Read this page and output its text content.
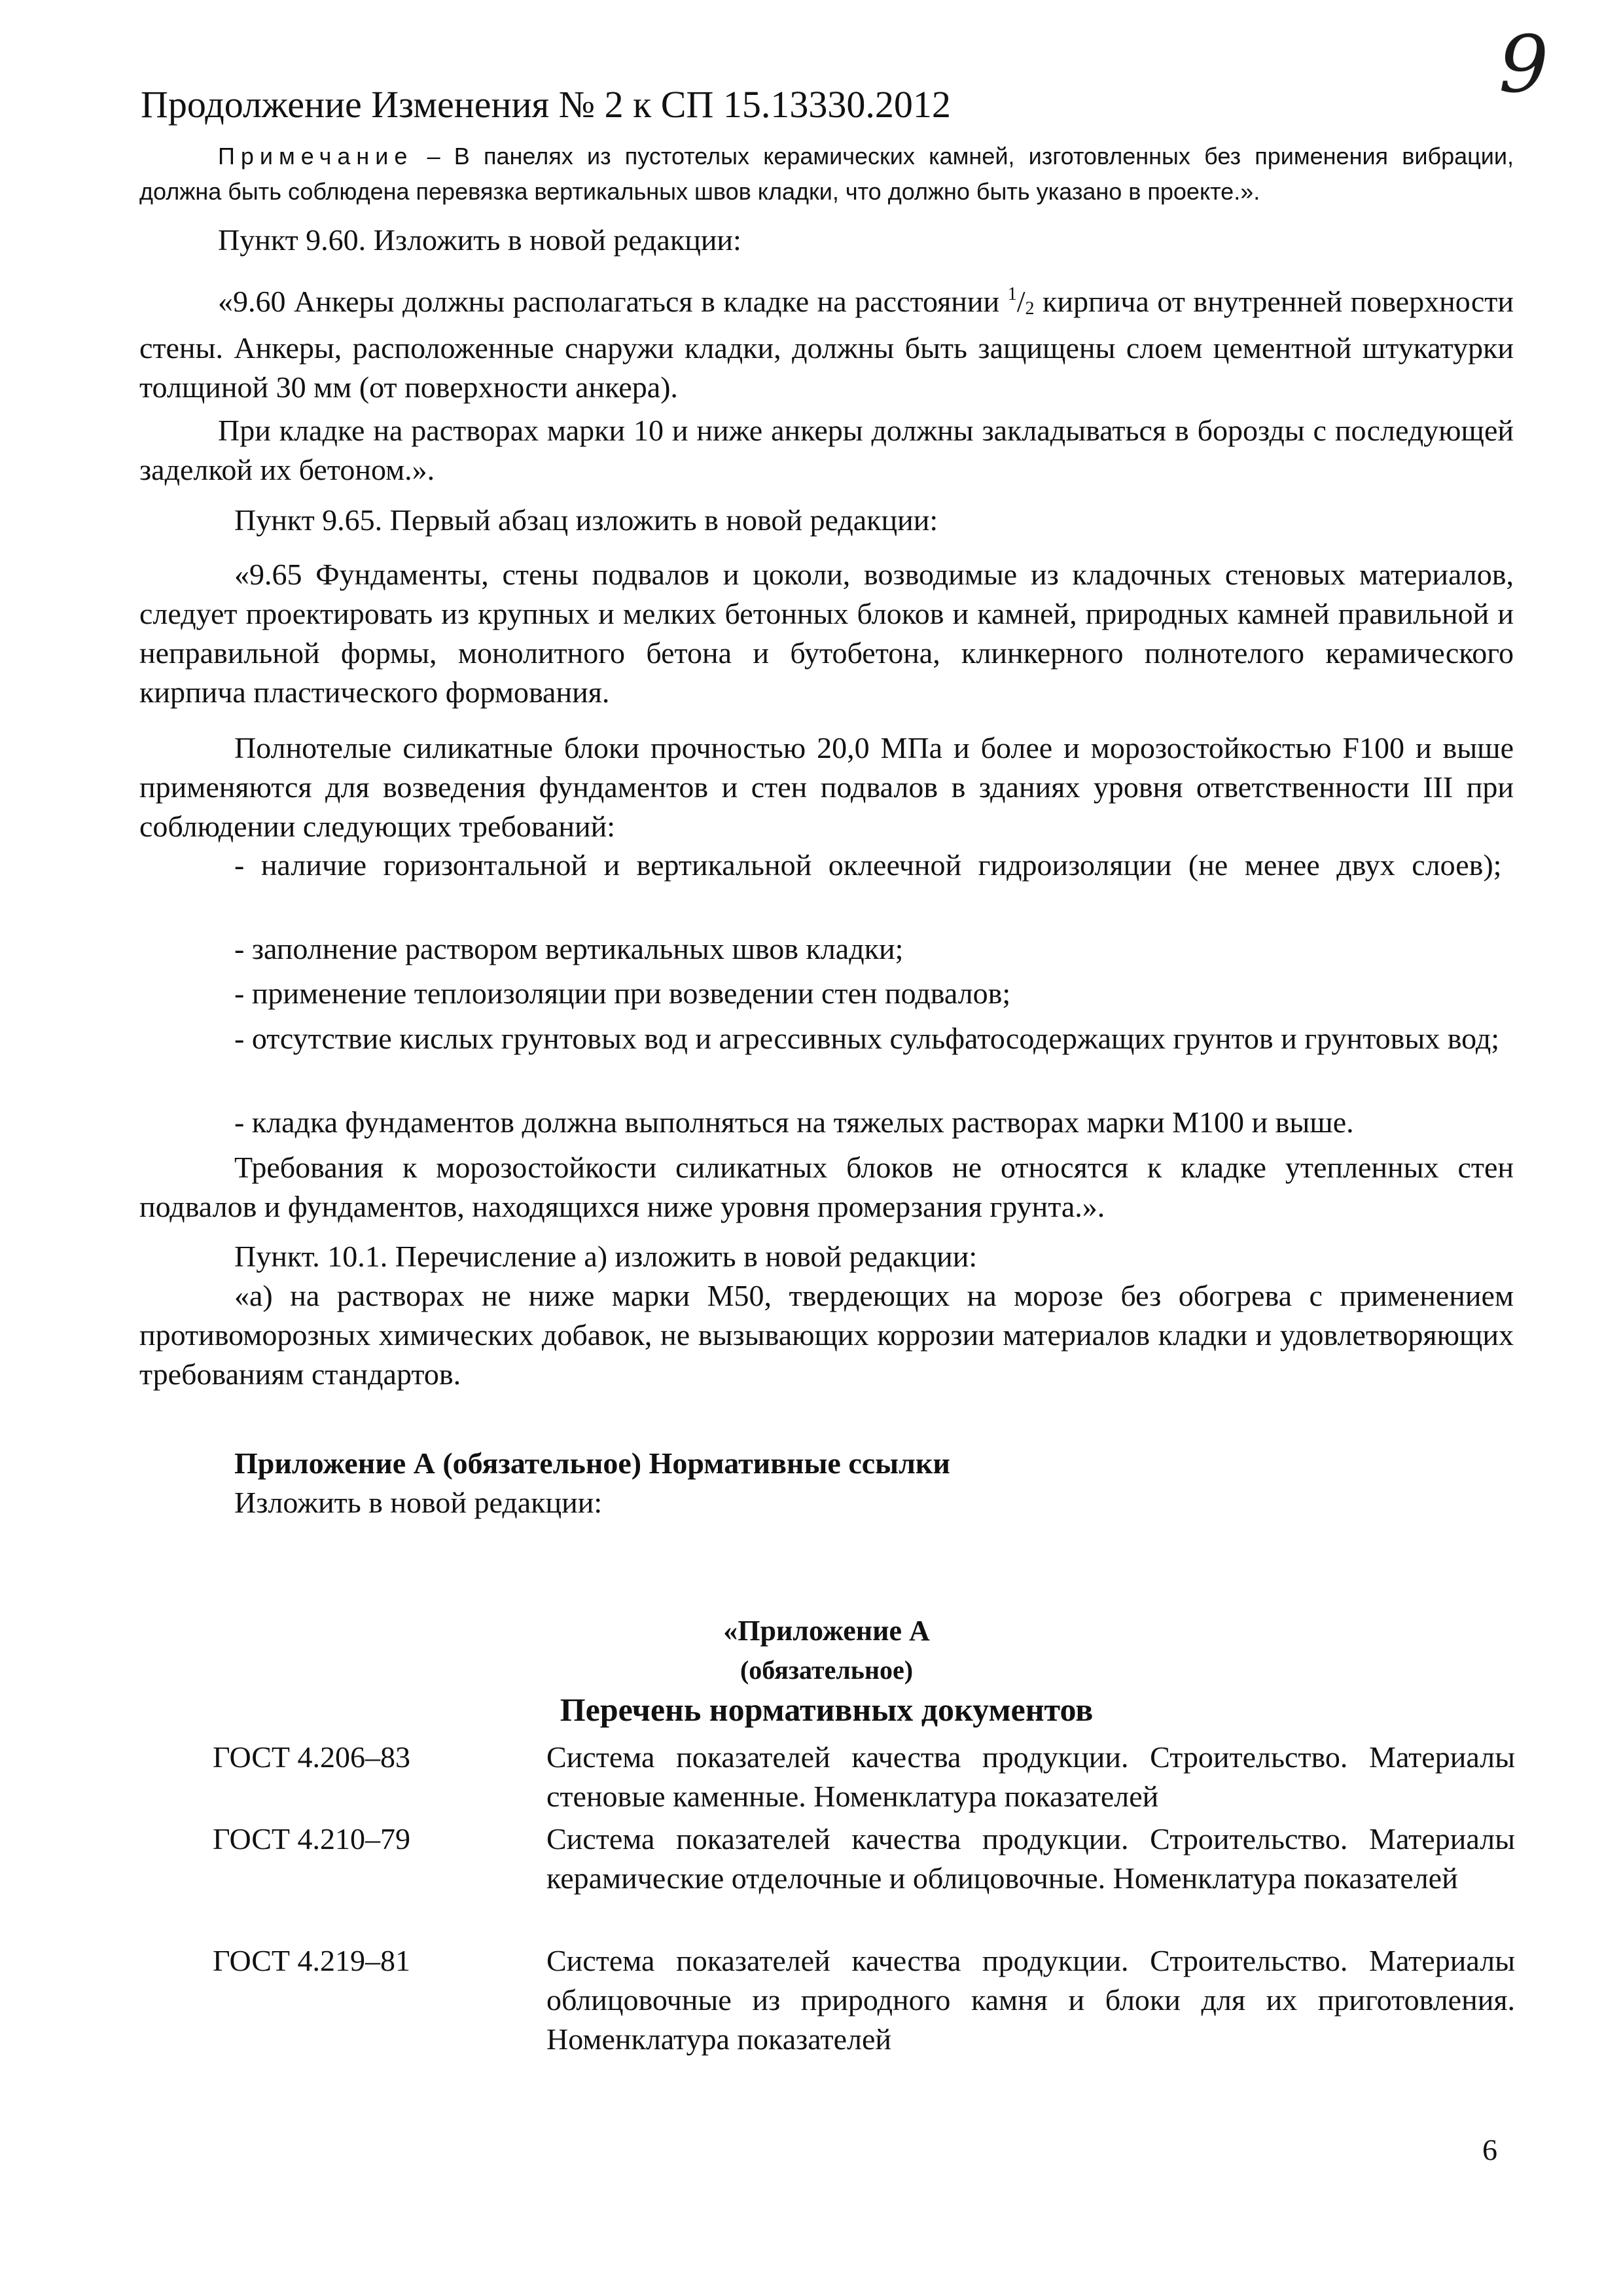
9
Продолжение Изменения № 2 к СП 15.13330.2012
Примечание – В панелях из пустотелых керамических камней, изготовленных без применения вибрации, должна быть соблюдена перевязка вертикальных швов кладки, что должно быть указано в проекте.».
Пункт 9.60. Изложить в новой редакции:
«9.60 Анкеры должны располагаться в кладке на расстоянии $^1/_2$ кирпича от внутренней поверхности стены. Анкеры, расположенные снаружи кладки, должны быть защищены слоем цементной штукатурки толщиной 30 мм (от поверхности анкера).
При кладке на растворах марки 10 и ниже анкеры должны закладываться в борозды с последующей заделкой их бетоном.».
Пункт 9.65. Первый абзац изложить в новой редакции:
«9.65 Фундаменты, стены подвалов и цоколи, возводимые из кладочных стеновых материалов, следует проектировать из крупных и мелких бетонных блоков и камней, природных камней правильной и неправильной формы, монолитного бетона и бутобетона, клинкерного полнотелого керамического кирпича пластического формования.
Полнотелые силикатные блоки прочностью 20,0 МПа и более и морозостойкостью F100 и выше применяются для возведения фундаментов и стен подвалов в зданиях уровня ответственности III при соблюдении следующих требований:
- наличие горизонтальной и вертикальной оклеечной гидроизоляции (не менее двух слоев);
- заполнение раствором вертикальных швов кладки;
- применение теплоизоляции при возведении стен подвалов;
- отсутствие кислых грунтовых вод и агрессивных сульфатосодержащих грунтов и грунтовых вод;
- кладка фундаментов должна выполняться на тяжелых растворах марки М100 и выше.
Требования к морозостойкости силикатных блоков не относятся к кладке утепленных стен подвалов и фундаментов, находящихся ниже уровня промерзания грунта.».
Пункт. 10.1. Перечисление а) изложить в новой редакции:
«а) на растворах не ниже марки М50, твердеющих на морозе без обогрева с применением противоморозных химических добавок, не вызывающих коррозии материалов кладки и удовлетворяющих требованиям стандартов.
Приложение А (обязательное) Нормативные ссылки
Изложить в новой редакции:
«Приложение А
(обязательное)
Перечень нормативных документов
ГОСТ 4.206–83	Система показателей качества продукции. Строительство. Материалы стеновые каменные. Номенклатура показателей
ГОСТ 4.210–79	Система показателей качества продукции. Строительство. Материалы керамические отделочные и облицовочные. Номенклатура показателей
ГОСТ 4.219–81	Система показателей качества продукции. Строительство. Материалы облицовочные из природного камня и блоки для их приготовления. Номенклатура показателей
6
